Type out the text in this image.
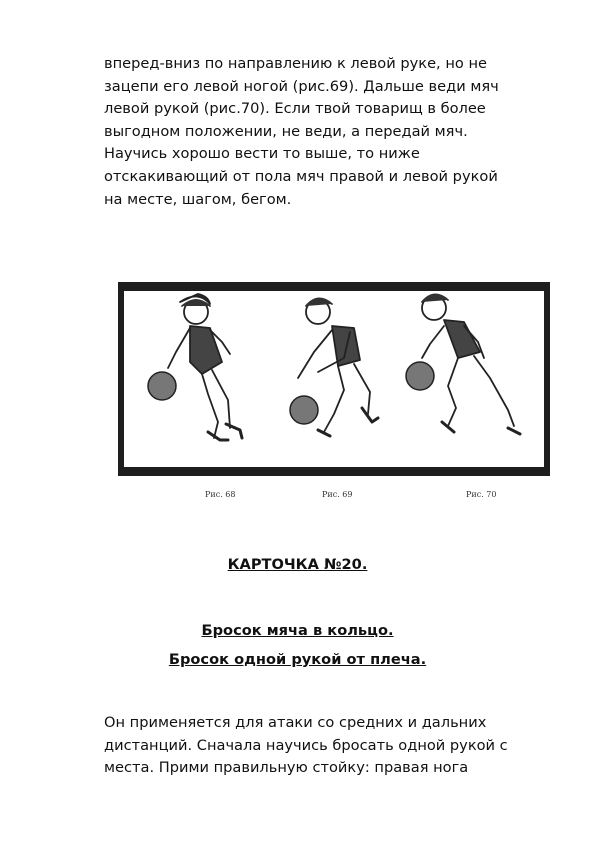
вперед-вниз по направлению к левой руке, но не
зацепи его левой ногой (рис.69). Дальше веди мяч
левой рукой (рис.70). Если твой товарищ в более
выгодном положении, не веди, а передай мяч.
Научись хорошо вести то выше, то ниже
отскакивающий от пола мяч правой и левой рукой
на месте, шагом, бегом.
Рис. 68	Рис. 69	Рис. 70
КАРТОЧКА №20.
Бросок мяча в кольцо.
Бросок одной рукой от плеча.
Он применяется для атаки со средних и дальних
дистанций. Сначала научись бросать одной рукой с
места. Прими правильную стойку: правая нога
